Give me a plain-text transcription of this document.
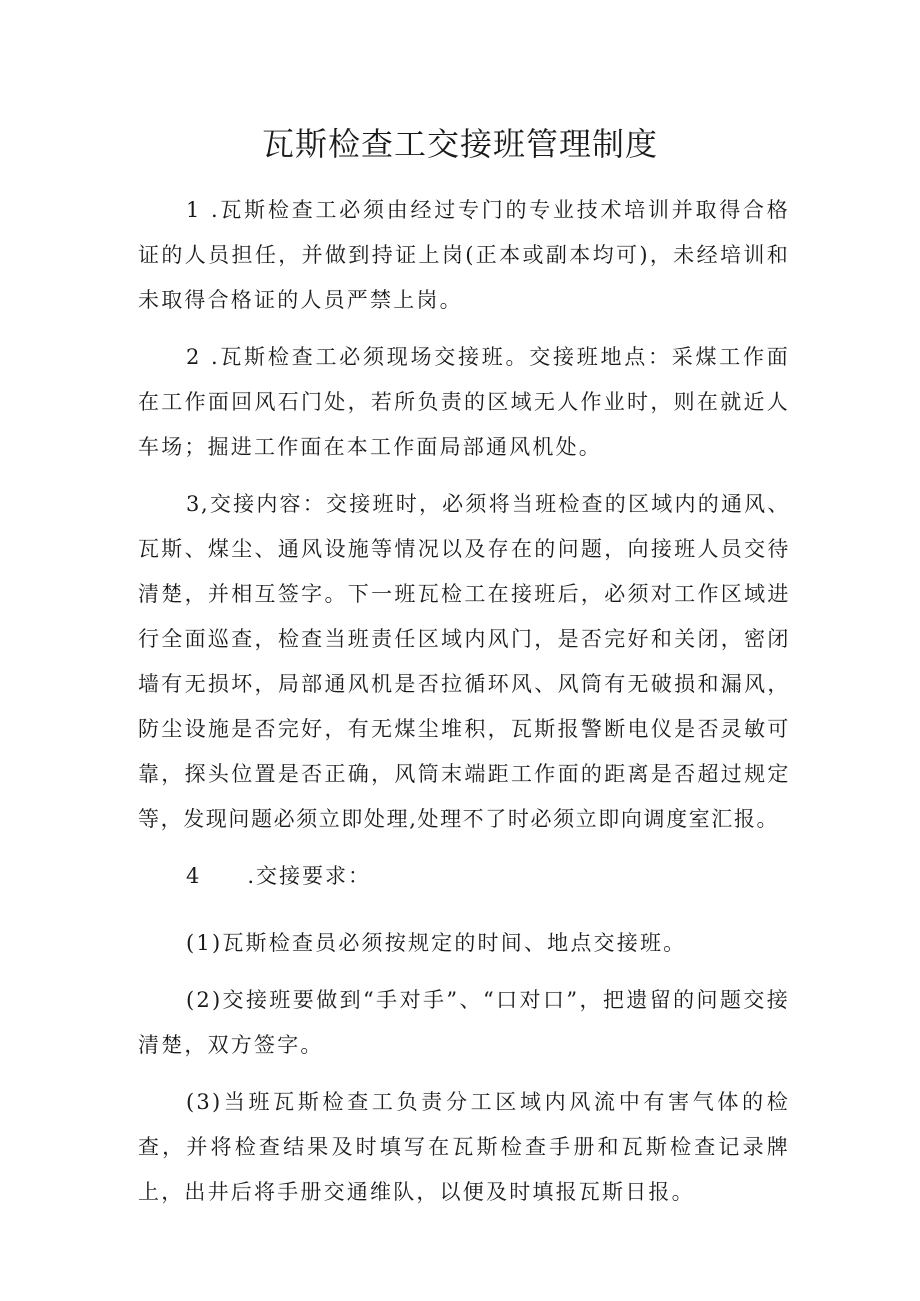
瓦斯检查工交接班管理制度

1 .瓦斯检查工必须由经过专门的专业技术培训并取得合格证的人员担任，并做到持证上岗(正本或副本均可)，未经培训和未取得合格证的人员严禁上岗。

2 .瓦斯检查工必须现场交接班。交接班地点：采煤工作面在工作面回风石门处，若所负责的区域无人作业时，则在就近人车场；掘进工作面在本工作面局部通风机处。

3,交接内容：交接班时，必须将当班检查的区域内的通风、瓦斯、煤尘、通风设施等情况以及存在的问题，向接班人员交待清楚，并相互签字。下一班瓦检工在接班后，必须对工作区域进行全面巡查，检查当班责任区域内风门，是否完好和关闭，密闭墙有无损坏，局部通风机是否拉循环风、风筒有无破损和漏风，防尘设施是否完好，有无煤尘堆积，瓦斯报警断电仪是否灵敏可靠，探头位置是否正确，风筒末端距工作面的距离是否超过规定等，发现问题必须立即处理,处理不了时必须立即向调度室汇报。

4 .交接要求：

(1)瓦斯检查员必须按规定的时间、地点交接班。

(2)交接班要做到“手对手”、“口对口”，把遗留的问题交接清楚，双方签字。

(3)当班瓦斯检查工负责分工区域内风流中有害气体的检查，并将检查结果及时填写在瓦斯检查手册和瓦斯检查记录牌上，出井后将手册交通维队，以便及时填报瓦斯日报。
